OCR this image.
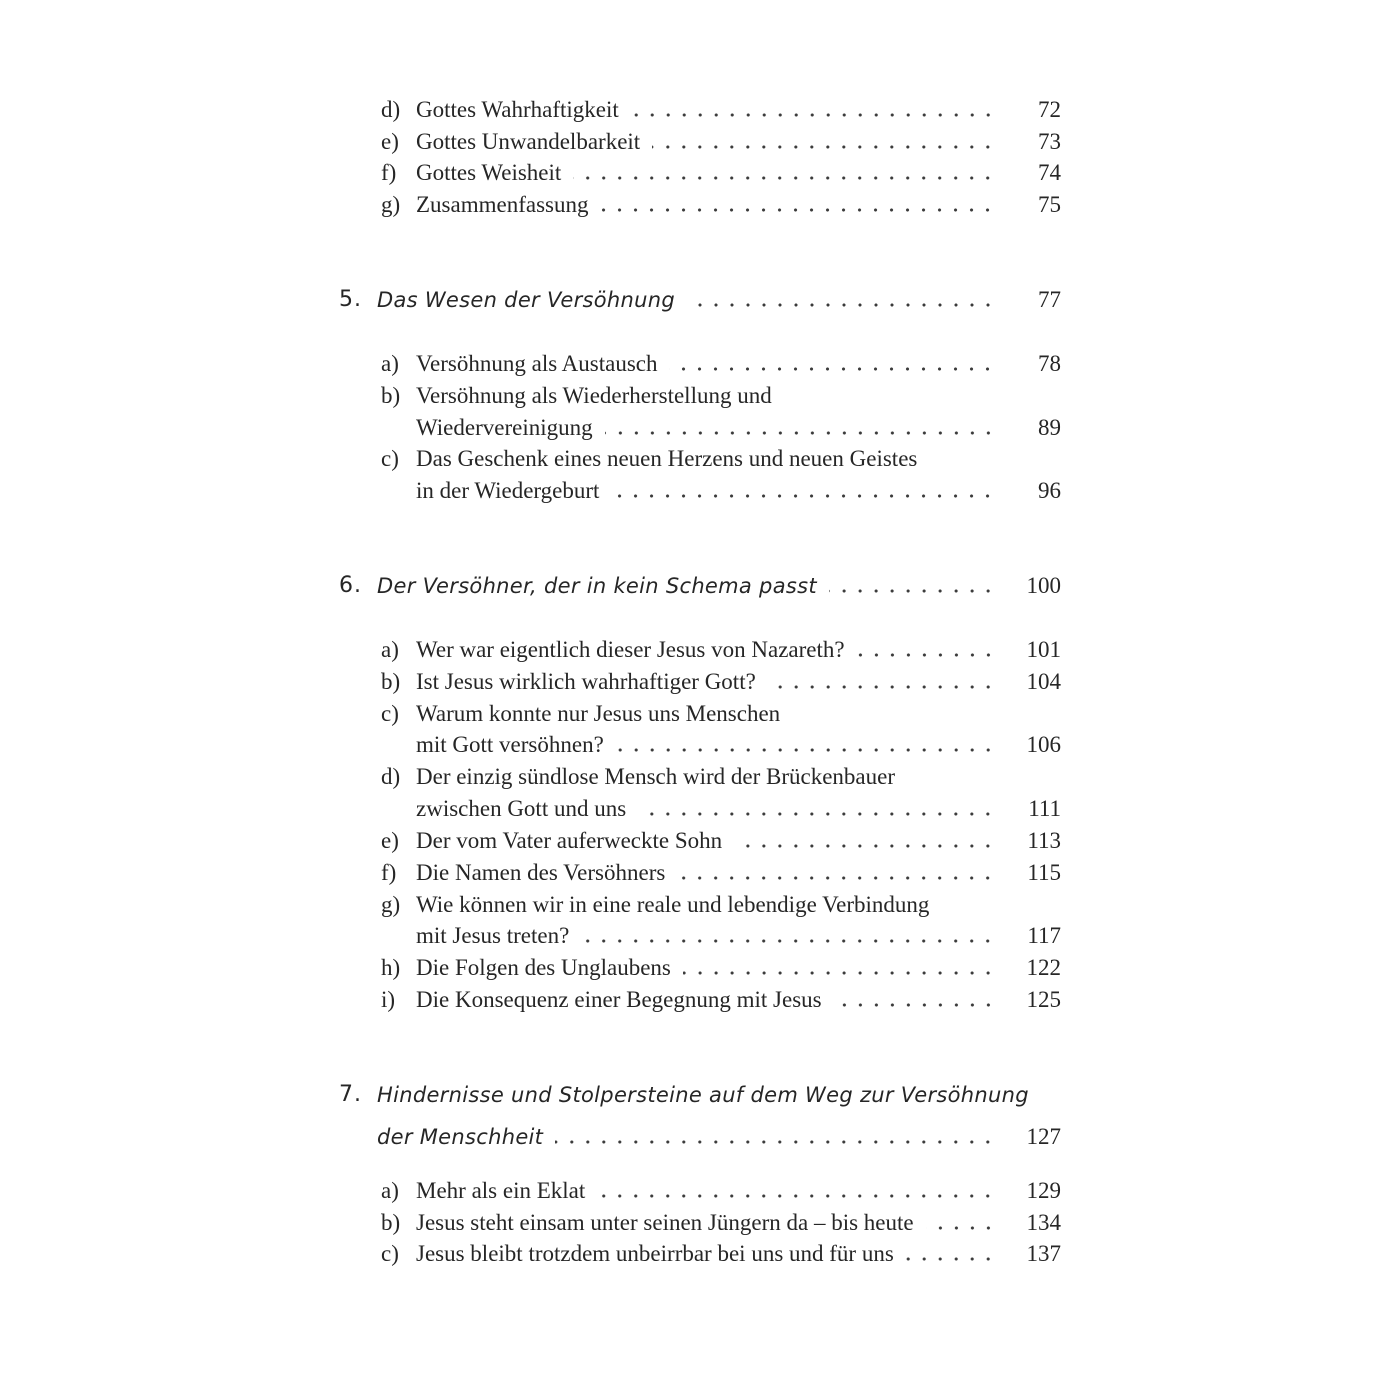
d) Gottes Wahrhaftigkeit	72
e) Gottes Unwandelbarkeit	73
f) Gottes Weisheit	74
g) Zusammenfassung	75
5. Das Wesen der Versöhnung	77
a) Versöhnung als Austausch	78
b) Versöhnung als Wiederherstellung und
Wiedervereinigung	89
c) Das Geschenk eines neuen Herzens und neuen Geistes
in der Wiedergeburt	96
6. Der Versöhner, der in kein Schema passt	100
a) Wer war eigentlich dieser Jesus von Nazareth?	101
b) Ist Jesus wirklich wahrhaftiger Gott?	104
c) Warum konnte nur Jesus uns Menschen
mit Gott versöhnen?	106
d) Der einzig sündlose Mensch wird der Brückenbauer
zwischen Gott und uns	111
e) Der vom Vater auferweckte Sohn	113
f) Die Namen des Versöhners	115
g) Wie können wir in eine reale und lebendige Verbindung
mit Jesus treten?	117
h) Die Folgen des Unglaubens	122
i) Die Konsequenz einer Begegnung mit Jesus	125
7. Hindernisse und Stolpersteine auf dem Weg zur Versöhnung
der Menschheit	127
a) Mehr als ein Eklat	129
b) Jesus steht einsam unter seinen Jüngern da – bis heute	134
c) Jesus bleibt trotzdem unbeirrbar bei uns und für uns	137
